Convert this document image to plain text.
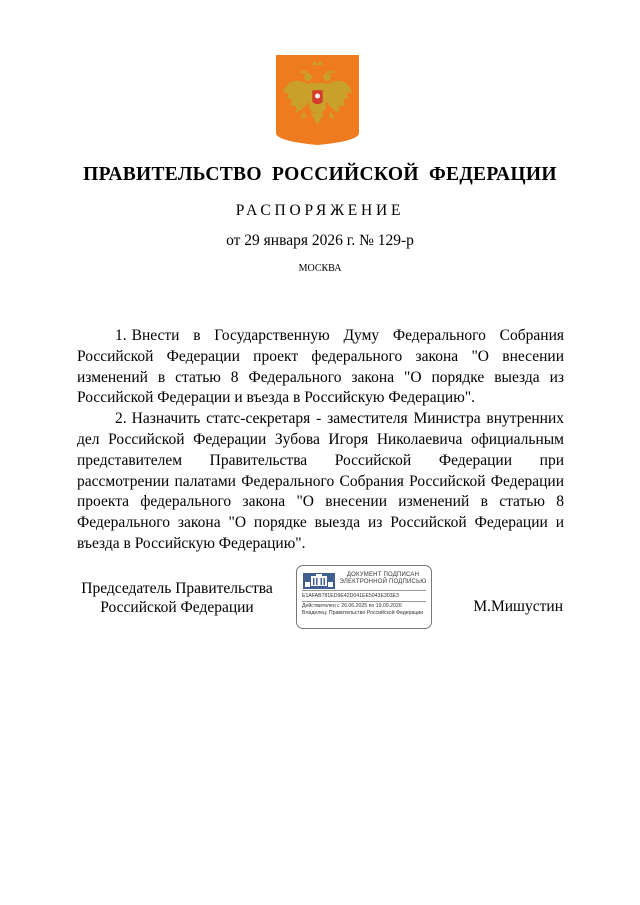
ПРАВИТЕЛЬСТВО РОССИЙСКОЙ ФЕДЕРАЦИИ
РАСПОРЯЖЕНИЕ
от 29 января 2026 г. № 129-р
МОСКВА

1. Внести в Государственную Думу Федерального Собрания Российской Федерации проект федерального закона "О внесении изменений в статью 8 Федерального закона "О порядке выезда из Российской Федерации и въезда в Российскую Федерацию".

2. Назначить статс-секретаря - заместителя Министра внутренних дел Российской Федерации Зубова Игоря Николаевича официальным представителем Правительства Российской Федерации при рассмотрении палатами Федерального Собрания Российской Федерации проекта федерального закона "О внесении изменений в статью 8 Федерального закона "О порядке выезда из Российской Федерации и въезда в Российскую Федерацию".

Председатель Правительства
Российской Федерации
ДОКУМЕНТ ПОДПИСАН
ЭЛЕКТРОННОЙ ПОДПИСЬЮ
E1AFAB781ED9E42D041EE5043E303E3
Действителен с 26.06.2025 по 19.09.2026
Владелец: Правительство Российской Федерации	М.Мишустин
